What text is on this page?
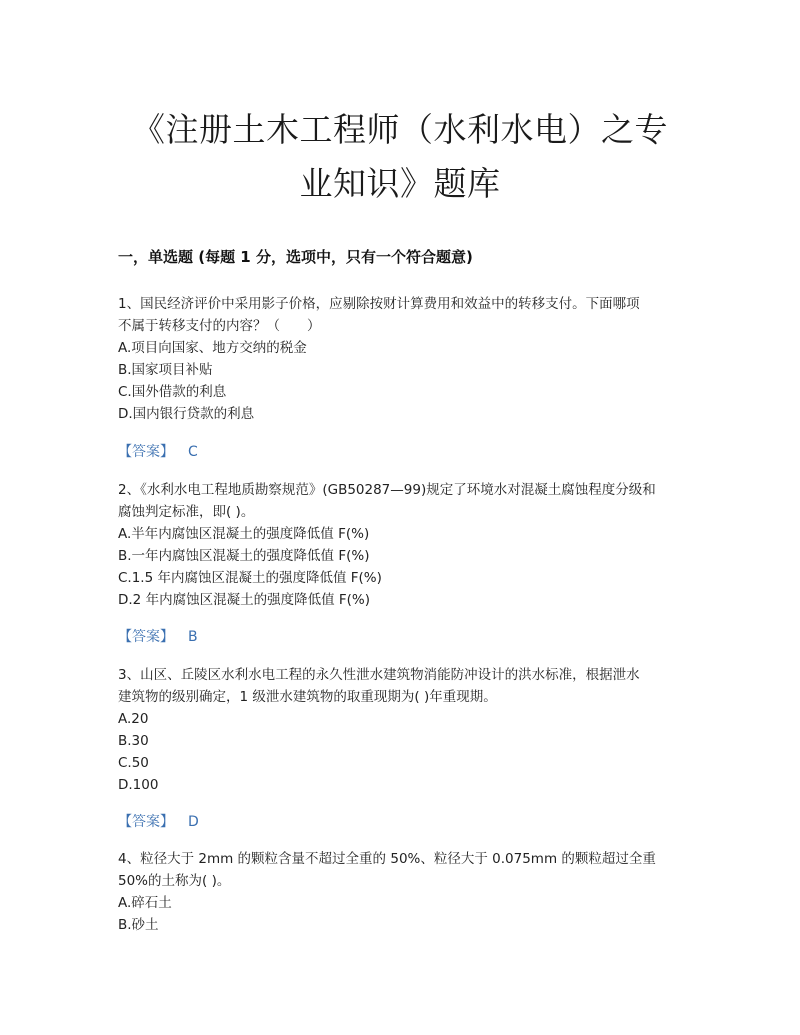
《注册土木工程师（水利水电）之专
业知识》题库
一，单选题 (每题 1 分，选项中，只有一个符合题意)
1、国民经济评价中采用影子价格，应剔除按财计算费用和效益中的转移支付。下面哪项
不属于转移支付的内容？（　　）
A.项目向国家、地方交纳的税金
B.国家项目补贴
C.国外借款的利息
D.国内银行贷款的利息
【答案】 C
2、《水利水电工程地质勘察规范》(GB50287—99)规定了环境水对混凝土腐蚀程度分级和
腐蚀判定标准，即( )。
A.半年内腐蚀区混凝土的强度降低值 F(%)
B.一年内腐蚀区混凝土的强度降低值 F(%)
C.1.5 年内腐蚀区混凝土的强度降低值 F(%)
D.2 年内腐蚀区混凝土的强度降低值 F(%)
【答案】 B
3、山区、丘陵区水利水电工程的永久性泄水建筑物消能防冲设计的洪水标准，根据泄水
建筑物的级别确定，1 级泄水建筑物的取重现期为( )年重现期。
A.20
B.30
C.50
D.100
【答案】 D
4、粒径大于 2mm 的颗粒含量不超过全重的 50%、粒径大于 0.075mm 的颗粒超过全重
50%的土称为( )。
A.碎石土
B.砂土
